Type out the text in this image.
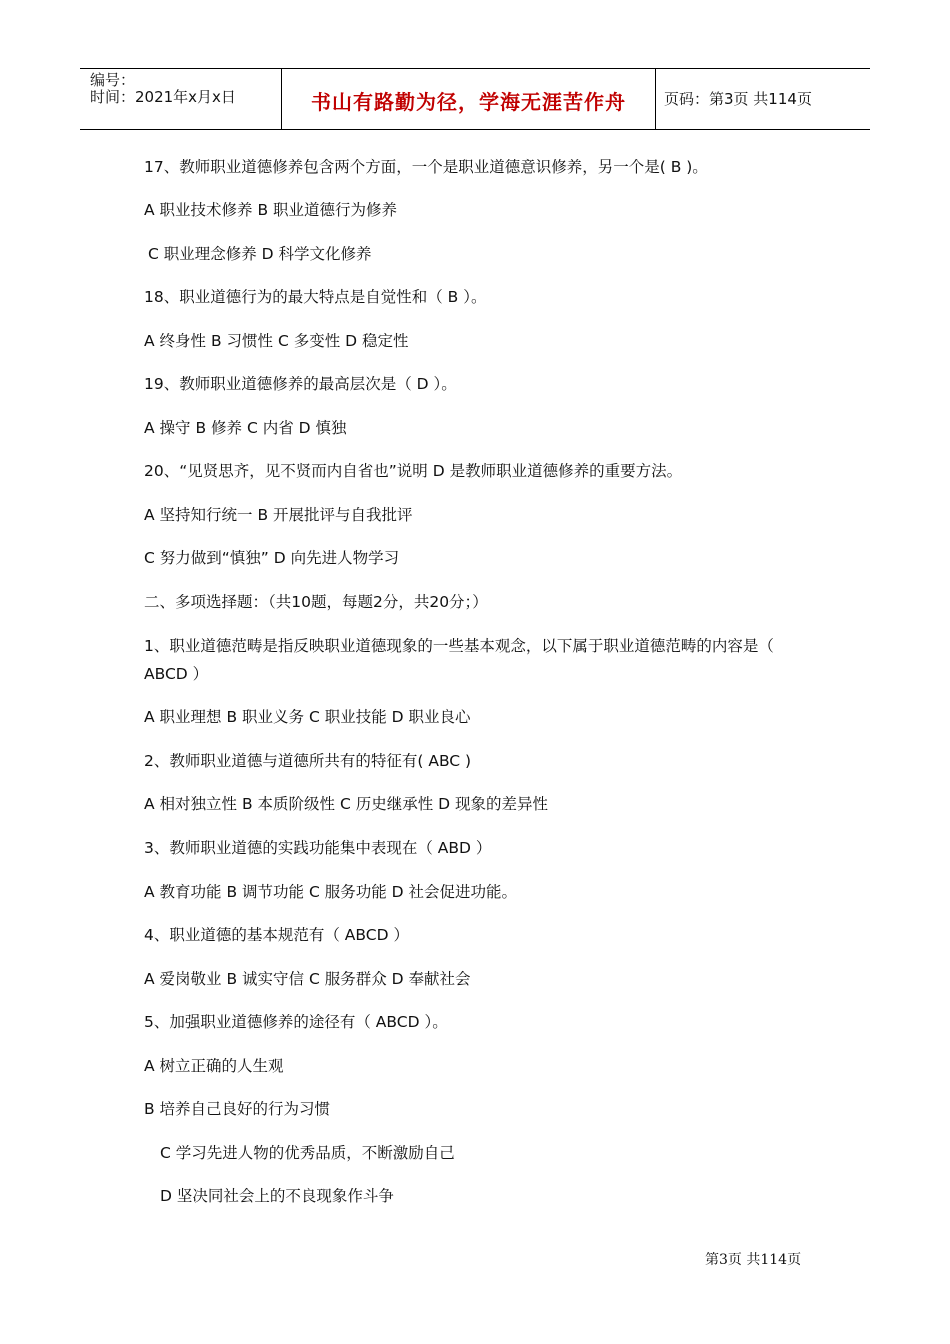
编号：
时间：2021年x月x日	书山有路勤为径，学海无涯苦作舟	页码：第3页 共114页
17、教师职业道德修养包含两个方面，一个是职业道德意识修养，另一个是( B )。
A 职业技术修养 B 职业道德行为修养
C 职业理念修养 D 科学文化修养
18、职业道德行为的最大特点是自觉性和（ B ）。
A 终身性 B 习惯性 C 多变性 D 稳定性
19、教师职业道德修养的最高层次是（ D ）。
A 操守 B 修养 C 内省 D 慎独
20、“见贤思齐，见不贤而内自省也”说明 D 是教师职业道德修养的重要方法。
A 坚持知行统一 B 开展批评与自我批评
C 努力做到“慎独” D 向先进人物学习
二、多项选择题：（共10题，每题2分，共20分；）
1、职业道德范畴是指反映职业道德现象的一些基本观念，以下属于职业道德范畴的内容是（
ABCD ）
A 职业理想 B 职业义务 C 职业技能 D 职业良心
2、教师职业道德与道德所共有的特征有( ABC )
A 相对独立性 B 本质阶级性 C 历史继承性 D 现象的差异性
3、教师职业道德的实践功能集中表现在（ ABD ）
A 教育功能 B 调节功能 C 服务功能 D 社会促进功能。
4、职业道德的基本规范有（ ABCD ）
A 爱岗敬业 B 诚实守信 C 服务群众 D 奉献社会
5、加强职业道德修养的途径有（ ABCD ）。
A 树立正确的人生观
B 培养自己良好的行为习惯
C 学习先进人物的优秀品质，不断激励自己
D 坚决同社会上的不良现象作斗争
第3页 共114页
